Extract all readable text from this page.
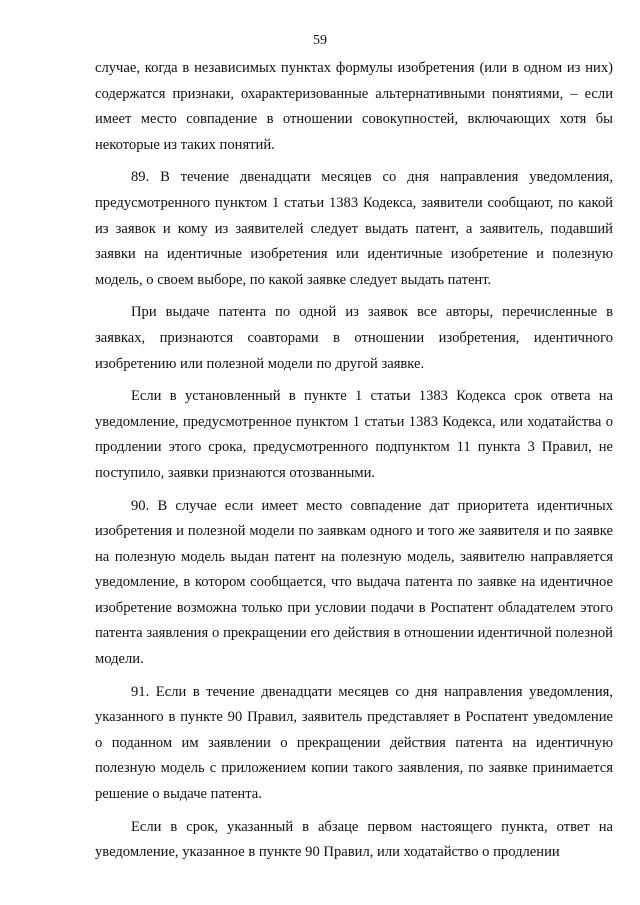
59

случае, когда в независимых пунктах формулы изобретения (или в одном из них) содержатся признаки, охарактеризованные альтернативными понятиями, – если имеет место совпадение в отношении совокупностей, включающих хотя бы некоторые из таких понятий.

89. В течение двенадцати месяцев со дня направления уведомления, предусмотренного пунктом 1 статьи 1383 Кодекса, заявители сообщают, по какой из заявок и кому из заявителей следует выдать патент, а заявитель, подавший заявки на идентичные изобретения или идентичные изобретение и полезную модель, о своем выборе, по какой заявке следует выдать патент.

При выдаче патента по одной из заявок все авторы, перечисленные в заявках, признаются соавторами в отношении изобретения, идентичного изобретению или полезной модели по другой заявке.

Если в установленный в пункте 1 статьи 1383 Кодекса срок ответа на уведомление, предусмотренное пунктом 1 статьи 1383 Кодекса, или ходатайства о продлении этого срока, предусмотренного подпунктом 11 пункта 3 Правил, не поступило, заявки признаются отозванными.

90. В случае если имеет место совпадение дат приоритета идентичных изобретения и полезной модели по заявкам одного и того же заявителя и по заявке на полезную модель выдан патент на полезную модель, заявителю направляется уведомление, в котором сообщается, что выдача патента по заявке на идентичное изобретение возможна только при условии подачи в Роспатент обладателем этого патента заявления о прекращении его действия в отношении идентичной полезной модели.

91. Если в течение двенадцати месяцев со дня направления уведомления, указанного в пункте 90 Правил, заявитель представляет в Роспатент уведомление о поданном им заявлении о прекращении действия патента на идентичную полезную модель с приложением копии такого заявления, по заявке принимается решение о выдаче патента.

Если в срок, указанный в абзаце первом настоящего пункта, ответ на уведомление, указанное в пункте 90 Правил, или ходатайство о продлении
